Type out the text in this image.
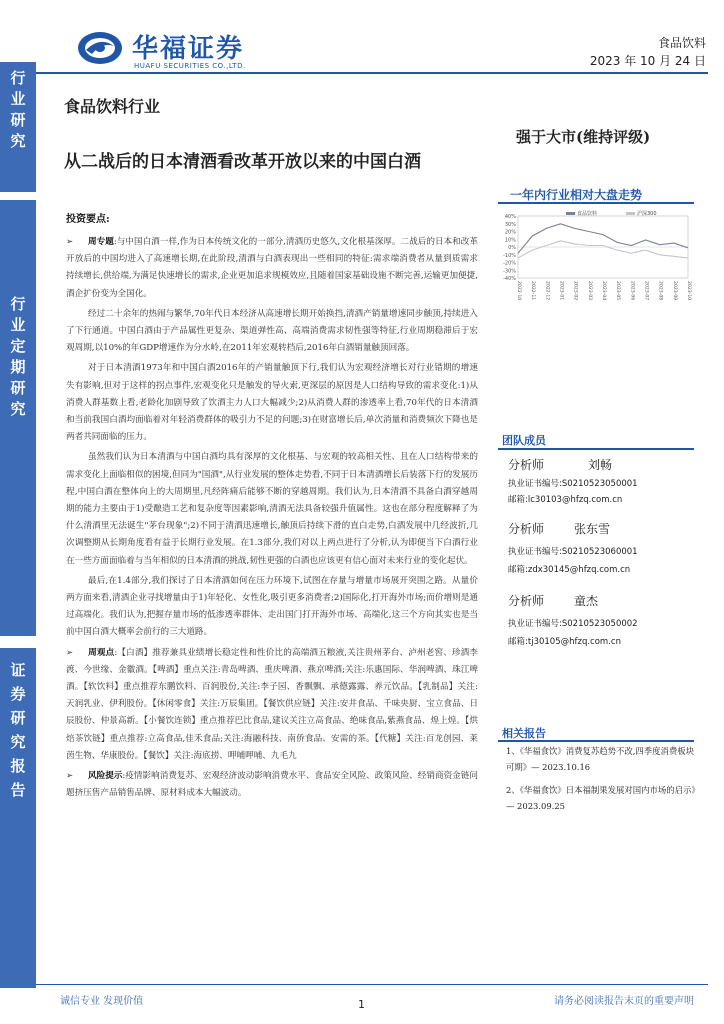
华福证券
HUAFU SECURITIES CO.,LTD.
食品饮料
2023 年 10 月 24 日
行业研究
行业定期研究
证券研究报告
食品饮料行业
从二战后的日本清酒看改革开放以来的中国白酒
强于大市(维持评级)
一年内行业相对大盘走势
40%
30%
20%
10%
0%
-10%
-20%
-30%
-40%
2022-10 2022-11 2022-12 2023-01 2023-02 2023-03 2023-04 2023-05 2023-06 2023-07 2023-08 2023-09 2023-10
食品饮料	沪深300
投资要点:

➢ 周专题:与中国白酒一样,作为日本传统文化的一部分,清酒历史悠久,文化根基深厚。二战后的日本和改革开放后的中国均进入了高速增长期,在此阶段,清酒与白酒表现出一些相同的特征:需求端消费者从量到质需求持续增长,供给端,为满足快速增长的需求,企业更加追求规模效应,且随着国家基础设施不断完善,运输更加便捷,酒企扩份变为全国化。

经过二十余年的热闹与繁华,70年代日本经济从高速增长期开始换挡,清酒产销量增速同步触顶,持续进入了下行通道。中国白酒由于产品属性更复杂、渠道弹性高、高端消费需求韧性强等特征,行业周期稳滞后于宏观周期,以10%的年GDP增速作为分水岭,在2011年宏观转档后,2016年白酒销量触顶回落。

对于日本清酒1973年和中国白酒2016年的产销量触顶下行,我们认为宏观经济增长对行业错期的增速失有影响,但对于这样的拐点事件,宏观变化只是触发的导火索,更深层的原因是人口结构导致的需求变化:1)从消费人群基数上看,老龄化加剧导致了饮酒主力人口大幅减少;2)从消费人群的渗透率上看,70年代的日本清酒和当前我国白酒均面临着对年轻消费群体的吸引力不足的问题;3)在财富增长后,单次消量和消费频次下降也是两者共同面临的压力。

虽然我们认为日本清酒与中国白酒均具有深厚的文化根基、与宏观的较高相关性、且在人口结构带来的需求变化上面临相似的困境,但同为"国酒",从行业发展的整体走势看,不同于日本清酒增长后装落下行的发展历程,中国白酒在整体向上的大周期里,凡经阵痛后能够不断的穿越周期。我们认为,日本清酒不具备白酒穿越周期的能力主要由于1)受酿造工艺和复杂度等因素影响,清酒无法具备较强升值属性。这也在部分程度解释了为什么清酒里无法诞生"茅台现象";2)不同于清酒迅速增长,触顶后持续下滑的直白走势,白酒发展中几经波折,几次调整期从长期角度看有益于长期行业发展。在1.3部分,我们对以上两点进行了分析,认为即便当下白酒行业在一些方面面临着与当年相似的日本清酒的挑战,韧性更强的白酒也应该更有信心面对未来行业的变化起伏。

最后,在1.4部分,我们探讨了日本清酒如何在压力环境下,试图在存量与增量市场展开突围之路。从量价两方面来看,清酒企业寻找增量由于1)年轻化、女性化,吸引更多消费者;2)国际化,打开海外市场;而价增则是通过高端化。我们认为,把握存量市场的低渗透率群体、走出国门打开海外市场、高端化,这三个方向其实也是当前中国白酒大概率会前行的三大道路。

➢ 周观点:【白酒】推荐兼具业绩增长稳定性和性价比的高端酒五粮液,关注贵州茅台、泸州老窖、珍酒李渡、今世缘、金徽酒。【啤酒】重点关注:青岛啤酒、重庆啤酒、燕京啤酒;关注:乐惠国际、华润啤酒、珠江啤酒。【软饮料】重点推荐东鹏饮料、百润股份,关注:李子园、香飘飘、承德露露、养元饮品。【乳制品】关注:天润乳业、伊利股份。【休闲零食】关注:万辰集团。【餐饮供应链】关注:安井食品、千味央厨、宝立食品、日辰股份、仲景高新。【小餐饮连锁】重点推荐巴比食品,建议关注立高食品、绝味食品,紫燕食品、煌上煌。【烘焙茶饮链】重点推荐:立高食品,佳禾食品;关注:海融科技、南侨食品、安需的茶。【代糖】关注:百龙创园、莱茵生物、华康股份。【餐饮】关注:海底捞、呷哺呷哺、九毛九

➢ 风险提示:疫情影响消费复苏、宏观经济波动影响消费水平、食品安全风险、政策风险、经销商资金链问题挤压售产品销售品牌、原材料成本大幅波动。

团队成员
分析师	刘畅
执业证书编号:S0210523050001
邮箱:lc30103@hfzq.com.cn
分析师 张东雪
执业证书编号:S0210523060001
邮箱:zdx30145@hfzq.com.cn
分析师 童杰
执业证书编号:S0210523050002
邮箱:tj30105@hfzq.com.cn
相关报告
1、《华福食饮》消费复苏趋势不改,四季度消费板块可期》— 2023.10.16
2、《华福食饮》日本福制果发展对国内市场的启示》— 2023.09.25
诚信专业 发现价值	1	请务必阅读报告末页的重要声明
